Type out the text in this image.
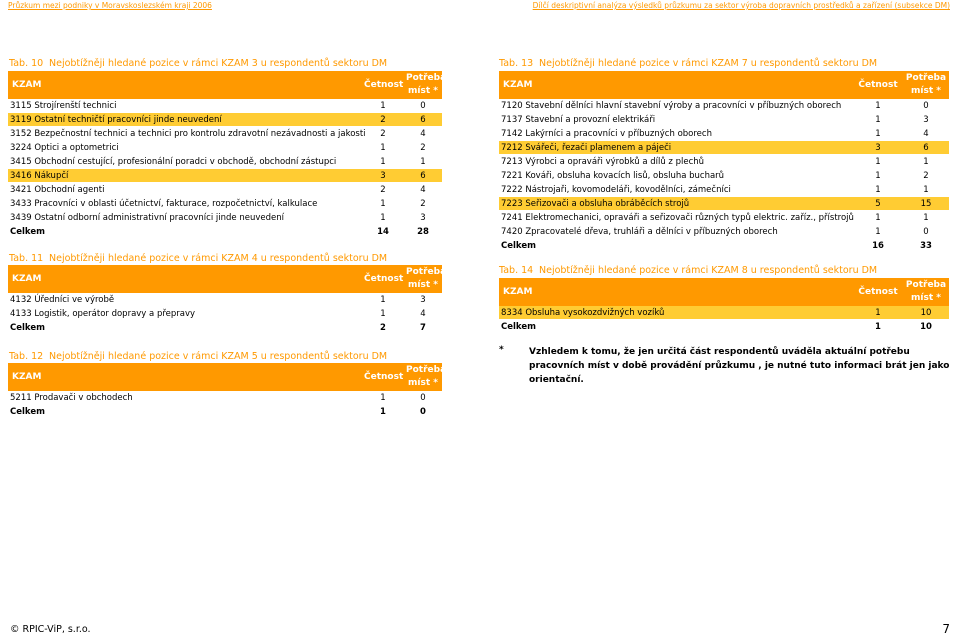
Průzkum mezi podniky v Moravskoslezském kraji 2006	Dílčí deskriptivní analýza výsledků průzkumu za sektor výroba dopravních prostředků a zařízení (subsekce DM)
Tab. 10 Nejobtížněji hledané pozice v rámci KZAM 3 u respondentů sektoru DM
KZAM	Četnost	Potřeba
míst *
3115 Strojírenští technici	1	0
3119 Ostatní techničtí pracovníci jinde neuvedení	2	6
3152 Bezpečnostní technici a technici pro kontrolu zdravotní nezávadnosti a jakosti	2	4
3224 Optici a optometrici	1	2
3415 Obchodní cestující, profesionální poradci v obchodě, obchodní zástupci	1	1
3416 Nákupčí	3	6
3421 Obchodní agenti	2	4
3433 Pracovníci v oblasti účetnictví, fakturace, rozpočetnictví, kalkulace	1	2
3439 Ostatní odborní administrativní pracovníci jinde neuvedení	1	3
Celkem	14	28
Tab. 11 Nejobtížněji hledané pozice v rámci KZAM 4 u respondentů sektoru DM
KZAM	Četnost	Potřeba
míst *
4132 Úředníci ve výrobě	1	3
4133 Logistik, operátor dopravy a přepravy	1	4
Celkem	2	7
Tab. 12 Nejobtížněji hledané pozice v rámci KZAM 5 u respondentů sektoru DM
KZAM	Četnost	Potřeba
míst *
5211 Prodavači v obchodech	1	0
Celkem	1	0
Tab. 13 Nejobtížněji hledané pozice v rámci KZAM 7 u respondentů sektoru DM
KZAM	Četnost	Potřeba
míst *
7120 Stavební dělníci hlavní stavební výroby a pracovníci v příbuzných oborech	1	0
7137 Stavební a provozní elektrikáři	1	3
7142 Lakýrníci a pracovníci v příbuzných oborech	1	4
7212 Svářeči, řezači plamenem a páječi	3	6
7213 Výrobci a opraváři výrobků a dílů z plechů	1	1
7221 Kováři, obsluha kovacích lisů, obsluha bucharů	1	2
7222 Nástrojaři, kovomodeláři, kovodělníci, zámečníci	1	1
7223 Seřizovači a obsluha obráběcích strojů	5	15
7241 Elektromechanici, opraváři a seřizovači různých typů elektric. zaříz., přístrojů	1	1
7420 Zpracovatelé dřeva, truhláři a dělníci v příbuzných oborech	1	0
Celkem	16	33
Tab. 14 Nejobtížněji hledané pozice v rámci KZAM 8 u respondentů sektoru DM
KZAM	Četnost	Potřeba
míst *
8334 Obsluha vysokozdvižných vozíků	1	10
Celkem	1	10
*	Vzhledem k tomu, že jen určitá část respondentů uváděla aktuální potřebu pracovních míst v době provádění průzkumu , je nutné tuto informaci brát jen jako orientační.
© RPIC-ViP, s.r.o.	7
